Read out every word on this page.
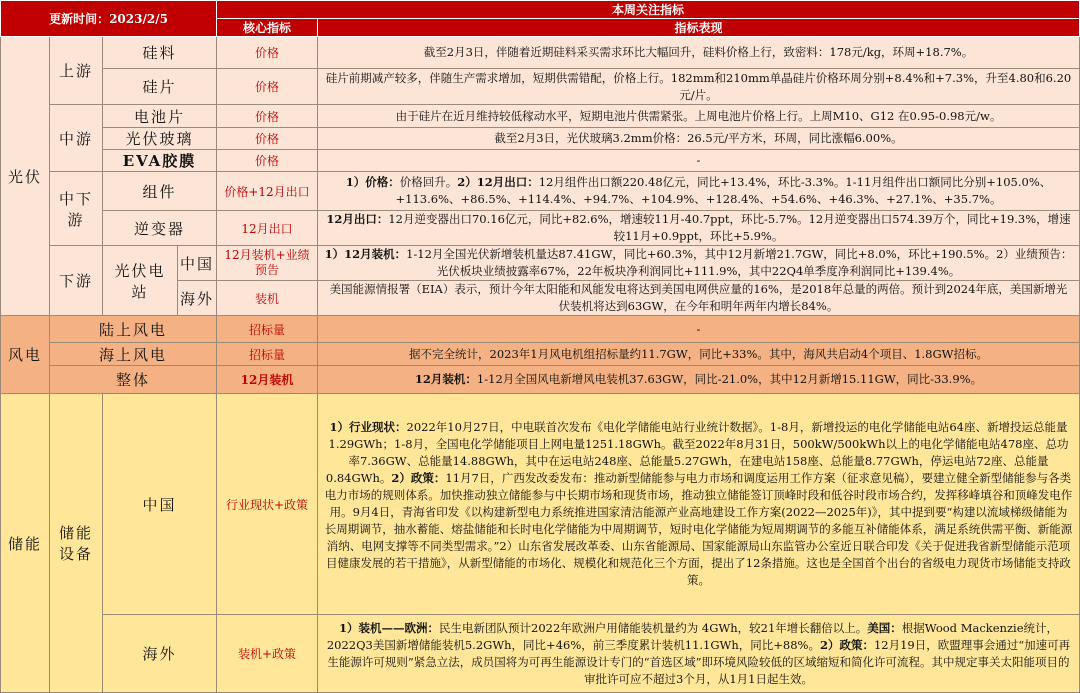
更新时间：2023/2/5				本周关注指标	
				核心指标	指标表现
光伏	上游	硅料		价格	截至2月3日，伴随着近期硅料采买需求环比大幅回升，硅料价格上行，致密料：178元/kg，环周+18.7%。
		硅片		价格	硅片前期减产较多，伴随生产需求增加，短期供需错配，价格上行。182mm和210mm单晶硅片价格环周分别+8.4%和+7.3%，升至4.80和6.20元/片。
	中游	电池片		价格	由于硅片在近月维持较低稼动水平，短期电池片供需紧张。上周电池片价格上行。上周M10、G12 在0.95-0.98元/w。
		光伏玻璃		价格	截至2月3日，光伏玻璃3.2mm价格：26.5元/平方米，环周，同比涨幅6.00%。
		EVA胶膜		价格	-
	中下游	组件		价格+12月出口	1）价格：价格回升。2）12月出口：12月组件出口额220.48亿元，同比+13.4%，环比-3.3%。1-11月组件出口额同比分别+105.0%、+113.6%、+86.5%、+114.4%、+94.7%、+104.9%、+128.4%、+54.6%、+46.3%、+27.1%、+35.7%。
		逆变器		12月出口	12月出口：12月逆变器出口70.16亿元，同比+82.6%，增速较11月-40.7ppt，环比-5.7%。12月逆变器出口574.39万个，同比+19.3%，增速较11月+0.9ppt，环比+5.9%。
	下游	光伏电站	中国	12月装机+业绩预告	1）12月装机：1-12月全国光伏新增装机量达87.41GW，同比+60.3%，其中12月新增21.7GW，同比+8.0%，环比+190.5%。2）业绩预告：光伏板块业绩披露率67%，22年板块净利润同比+111.9%，其中22Q4单季度净利润同比+139.4%。
			海外	装机	美国能源情报署（EIA）表示，预计今年太阳能和风能发电将达到美国电网供应量的16%，是2018年总量的两倍。预计到2024年底，美国新增光伏装机将达到63GW，在今年和明年两年内增长84%。
风电	陆上风电			招标量	-
	海上风电			招标量	据不完全统计，2023年1月风电机组招标量约11.7GW，同比+33%。其中，海风共启动4个项目、1.8GW招标。
	整体			12月装机	12月装机：1-12月全国风电新增风电装机37.63GW，同比-21.0%，其中12月新增15.11GW，同比-33.9%。
储能	储能设备	中国		行业现状+政策	1）行业现状：2022年10月27日，中电联首次发布《电化学储能电站行业统计数据》。1-8月，新增投运的电化学储能电站64座、新增投运总能量1.29GWh；1-8月，全国电化学储能项目上网电量1251.18GWh。截至2022年8月31日，500kW/500kWh以上的电化学储能电站478座、总功率7.36GW、总能量14.88GWh，其中在运电站248座、总能量5.27GWh，在建电站158座、总能量8.77GWh，停运电站72座、总能量0.84GWh。2）政策：11月7日，广西发改委发布：推动新型储能参与电力市场和调度运用工作方案（征求意见稿），要建立健全新型储能参与各类电力市场的规则体系。加快推动独立储能参与中长期市场和现货市场，推动独立储能签订顶峰时段和低谷时段市场合约，发挥移峰填谷和顶峰发电作用。9月4日，青海省印发《以构建新型电力系统推进国家清洁能源产业高地建设工作方案(2022—2025年)》，其中提到要“构建以流域梯级储能为长周期调节，抽水蓄能、熔盐储能和长时电化学储能为中周期调节，短时电化学储能为短周期调节的多能互补储能体系，满足系统供需平衡、新能源消纳、电网支撑等不同类型需求。”2）山东省发展改革委、山东省能源局、国家能源局山东监管办公室近日联合印发《关于促进我省新型储能示范项目健康发展的若干措施》，从新型储能的市场化、规模化和规范化三个方面，提出了12条措施。这也是全国首个出台的省级电力现货市场储能支持政策。
		海外		装机+政策	1）装机——欧洲：民生电新团队预计2022年欧洲户用储能装机量约为 4GWh，较21年增长翻倍以上。美国：根据Wood Mackenzie统计，2022Q3美国新增储能装机5.2GWh，同比+46%，前三季度累计装机11.1GWh，同比+88%。2）政策：12月19日，欧盟理事会通过“加速可再生能源许可规则”紧急立法，成员国将为可再生能源设计专门的“首选区域”即环境风险较低的区域缩短和简化许可流程。其中规定事关太阳能项目的审批许可应不超过3个月，从1月1日起生效。
